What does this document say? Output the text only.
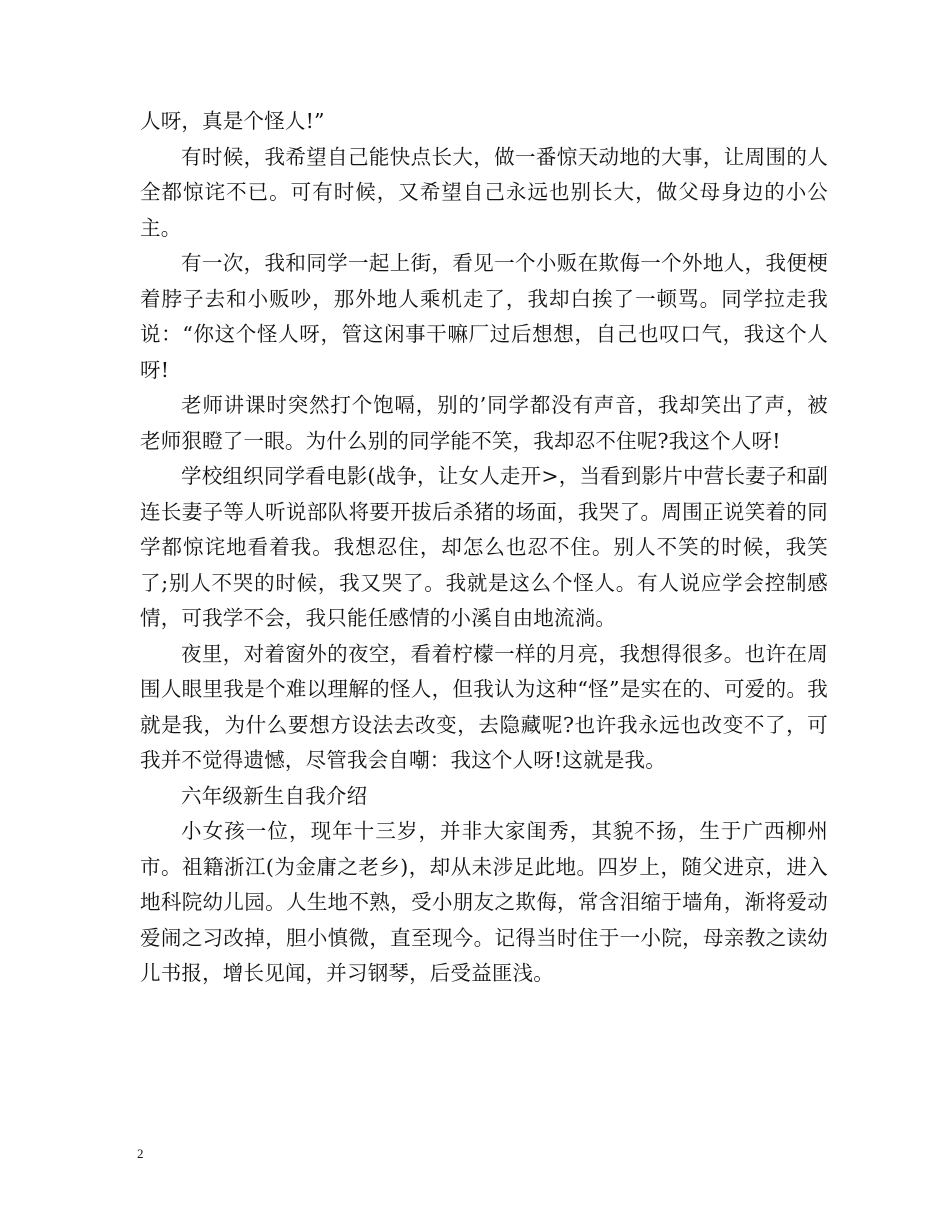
人呀，真是个怪人!”

有时候，我希望自己能快点长大，做一番惊天动地的大事，让周围的人全都惊诧不已。可有时候，又希望自己永远也别长大，做父母身边的小公主。

有一次，我和同学一起上街，看见一个小贩在欺侮一个外地人，我便梗着脖子去和小贩吵，那外地人乘机走了，我却白挨了一顿骂。同学拉走我说：“你这个怪人呀，管这闲事干嘛厂过后想想，自己也叹口气，我这个人呀!

老师讲课时突然打个饱嗝，别的’同学都没有声音，我却笑出了声，被老师狠瞪了一眼。为什么别的同学能不笑，我却忍不住呢?我这个人呀!

学校组织同学看电影(战争，让女人走开>，当看到影片中营长妻子和副连长妻子等人听说部队将要开拔后杀猪的场面，我哭了。周围正说笑着的同学都惊诧地看着我。我想忍住，却怎么也忍不住。别人不笑的时候，我笑了;别人不哭的时候，我又哭了。我就是这么个怪人。有人说应学会控制感情，可我学不会，我只能任感情的小溪自由地流淌。

夜里，对着窗外的夜空，看着柠檬一样的月亮，我想得很多。也许在周围人眼里我是个难以理解的怪人，但我认为这种“怪”是实在的、可爱的。我就是我，为什么要想方设法去改变，去隐藏呢?也许我永远也改变不了，可我并不觉得遗憾，尽管我会自嘲：我这个人呀!这就是我。

六年级新生自我介绍

小女孩一位，现年十三岁，并非大家闺秀，其貌不扬，生于广西柳州市。祖籍浙江(为金庸之老乡)，却从未涉足此地。四岁上，随父进京，进入地科院幼儿园。人生地不熟，受小朋友之欺侮，常含泪缩于墙角，渐将爱动爱闹之习改掉，胆小慎微，直至现今。记得当时住于一小院，母亲教之读幼儿书报，增长见闻，并习钢琴，后受益匪浅。

2
